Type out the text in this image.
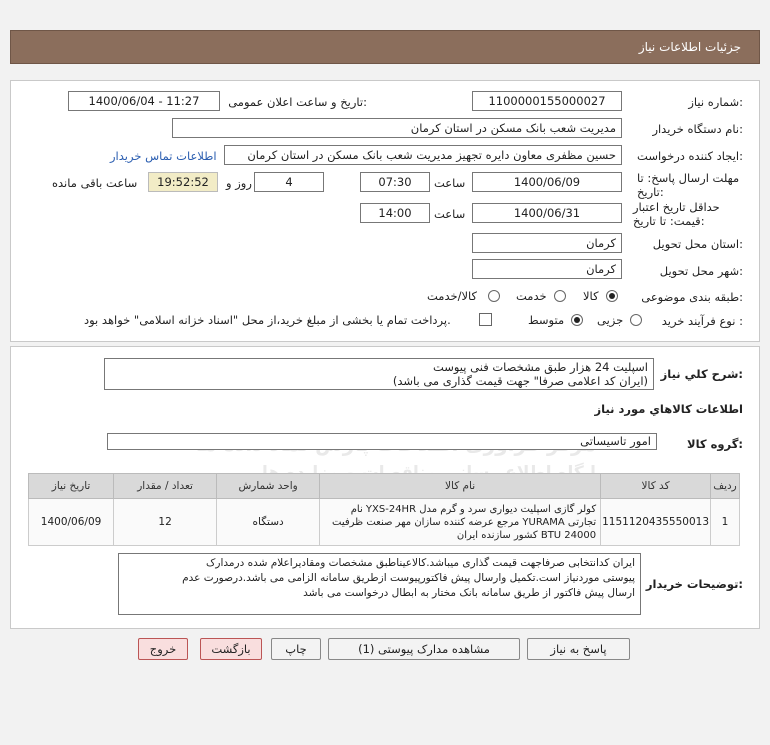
جزئیات اطلاعات نیاز
شماره نیاز:
1100000155000027
تاریخ و ساعت اعلان عمومی:
1400/06/04 - 11:27
نام دستگاه خریدار:
مدیریت شعب بانک مسکن در استان کرمان
ایجاد کننده درخواست:
حسین مظفری معاون دایره تجهیز مدیریت شعب بانک مسکن در استان کرمان
اطلاعات تماس خریدار
مهلت ارسال پاسخ: تا تاریخ:
1400/06/09
ساعت
07:30
4
روز و
19:52:52
ساعت باقی مانده
حداقل تاریخ اعتبار قیمت: تا تاریخ:
1400/06/31
ساعت
14:00
استان محل تحویل:
کرمان
شهر محل تحویل:
کرمان
طبقه بندی موضوعی:
کالا
خدمت
کالا/خدمت
نوع فرآیند خرید :
جزیی
متوسط
پرداخت تمام یا بخشی از مبلغ خرید،از محل "اسناد خزانه اسلامی" خواهد بود.
شرح کلي نياز:
اسپلیت 24 هزار طبق مشخصات فنی پیوست
(ایران کد اعلامی صرفا" جهت قیمت گذاری می باشد)
اطلاعات کالاهاي مورد نياز
گروه کالا:
امور تاسیساتی
ردیف	کد کالا	نام کالا	واحد شمارش	تعداد / مقدار	تاریخ نیاز
1	1151120435550013	کولر گازی اسپلیت دیواری سرد و گرم مدل YXS-24HR نام
تجارتی YURAMA مرجع عرضه کننده سازان مهر صنعت ظرفیت
BTU 24000 کشور سازنده ایران	دستگاه	12	1400/06/09
توضیحات خریدار:
ایران کدانتخابی صرفاجهت قیمت گذاری میباشد.کالاعیناطبق مشخصات ومقادیراعلام شده درمدارک
پیوستی موردنیاز است.تکمیل وارسال پیش فاکتورپیوست ازطریق سامانه الزامی می باشد.درصورت عدم
ارسال پیش فاکتور از طریق سامانه بانک مختار به ابطال درخواست می باشد
پاسخ به نیاز
مشاهده مدارک پیوستی (1)
چاپ
بازگشت
خروج
